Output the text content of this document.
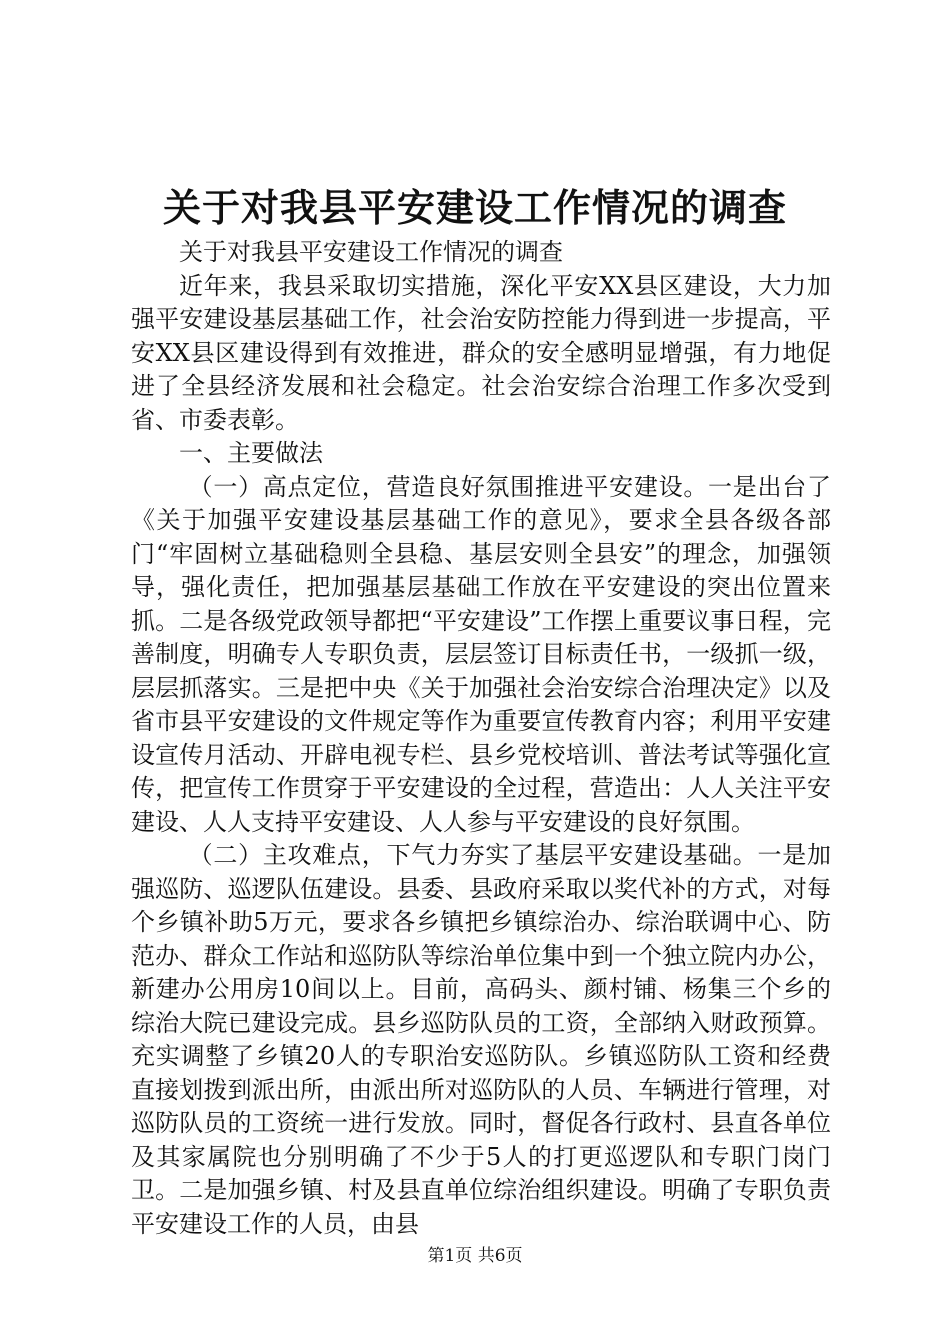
关于对我县平安建设工作情况的调查

关于对我县平安建设工作情况的调查

近年来，我县采取切实措施，深化平安XX县区建设，大力加强平安建设基层基础工作，社会治安防控能力得到进一步提高，平安XX县区建设得到有效推进，群众的安全感明显增强，有力地促进了全县经济发展和社会稳定。社会治安综合治理工作多次受到省、市委表彰。

一、主要做法

（一）高点定位，营造良好氛围推进平安建设。一是出台了《关于加强平安建设基层基础工作的意见》，要求全县各级各部门“牢固树立基础稳则全县稳、基层安则全县安”的理念，加强领导，强化责任，把加强基层基础工作放在平安建设的突出位置来抓。二是各级党政领导都把“平安建设”工作摆上重要议事日程，完善制度，明确专人专职负责，层层签订目标责任书，一级抓一级，层层抓落实。三是把中央《关于加强社会治安综合治理决定》以及省市县平安建设的文件规定等作为重要宣传教育内容；利用平安建设宣传月活动、开辟电视专栏、县乡党校培训、普法考试等强化宣传，把宣传工作贯穿于平安建设的全过程，营造出：人人关注平安建设、人人支持平安建设、人人参与平安建设的良好氛围。

（二）主攻难点，下气力夯实了基层平安建设基础。一是加强巡防、巡逻队伍建设。县委、县政府采取以奖代补的方式，对每个乡镇补助5万元，要求各乡镇把乡镇综治办、综治联调中心、防范办、群众工作站和巡防队等综治单位集中到一个独立院内办公，新建办公用房10间以上。目前，高码头、颜村铺、杨集三个乡的综治大院已建设完成。县乡巡防队员的工资，全部纳入财政预算。充实调整了乡镇20人的专职治安巡防队。乡镇巡防队工资和经费直接划拨到派出所，由派出所对巡防队的人员、车辆进行管理，对巡防队员的工资统一进行发放。同时，督促各行政村、县直各单位及其家属院也分别明确了不少于5人的打更巡逻队和专职门岗门卫。二是加强乡镇、村及县直单位综治组织建设。明确了专职负责平安建设工作的人员，由县

第1页 共6页
